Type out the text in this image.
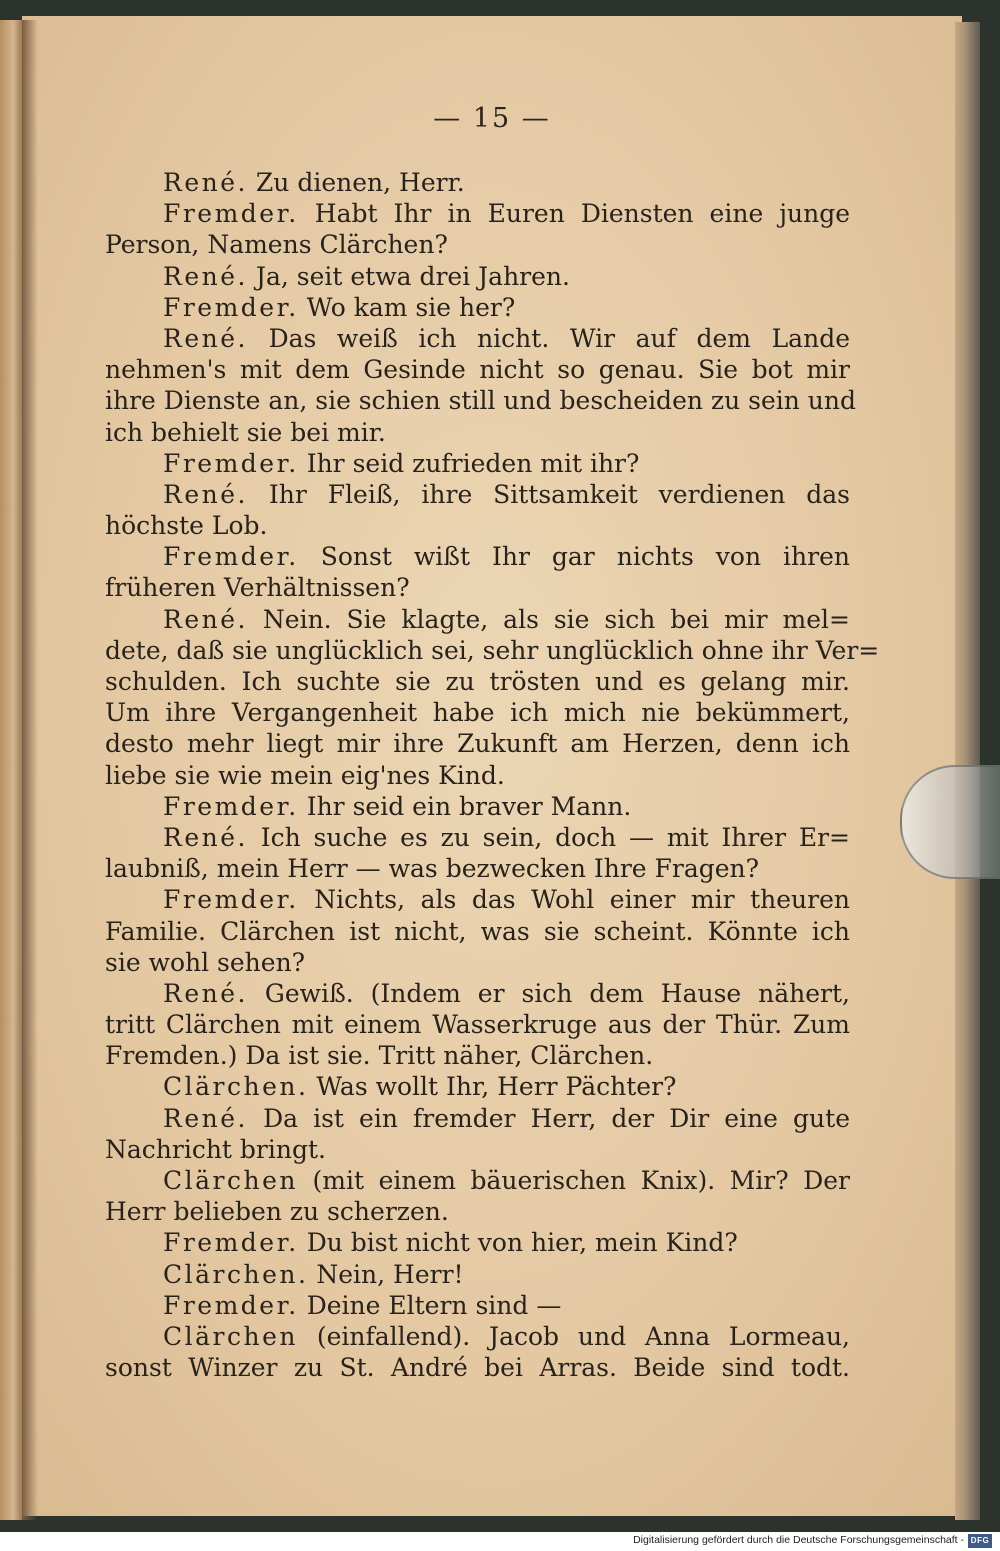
— 15 —
René. Zu dienen, Herr.
Fremder. Habt Ihr in Euren Diensten eine junge
Person, Namens Clärchen?
René. Ja, seit etwa drei Jahren.
Fremder. Wo kam sie her?
René. Das weiß ich nicht. Wir auf dem Lande
nehmen's mit dem Gesinde nicht so genau. Sie bot mir
ihre Dienste an, sie schien still und bescheiden zu sein und
ich behielt sie bei mir.
Fremder. Ihr seid zufrieden mit ihr?
René. Ihr Fleiß, ihre Sittsamkeit verdienen das
höchste Lob.
Fremder. Sonst wißt Ihr gar nichts von ihren
früheren Verhältnissen?
René. Nein. Sie klagte, als sie sich bei mir mel=
dete, daß sie unglücklich sei, sehr unglücklich ohne ihr Ver=
schulden. Ich suchte sie zu trösten und es gelang mir.
Um ihre Vergangenheit habe ich mich nie bekümmert,
desto mehr liegt mir ihre Zukunft am Herzen, denn ich
liebe sie wie mein eig'nes Kind.
Fremder. Ihr seid ein braver Mann.
René. Ich suche es zu sein, doch — mit Ihrer Er=
laubniß, mein Herr — was bezwecken Ihre Fragen?
Fremder. Nichts, als das Wohl einer mir theuren
Familie. Clärchen ist nicht, was sie scheint. Könnte ich
sie wohl sehen?
René. Gewiß. (Indem er sich dem Hause nähert,
tritt Clärchen mit einem Wasserkruge aus der Thür. Zum
Fremden.) Da ist sie. Tritt näher, Clärchen.
Clärchen. Was wollt Ihr, Herr Pächter?
René. Da ist ein fremder Herr, der Dir eine gute
Nachricht bringt.
Clärchen (mit einem bäuerischen Knix). Mir? Der
Herr belieben zu scherzen.
Fremder. Du bist nicht von hier, mein Kind?
Clärchen. Nein, Herr!
Fremder. Deine Eltern sind —
Clärchen (einfallend). Jacob und Anna Lormeau,
sonst Winzer zu St. André bei Arras. Beide sind todt.
Digitalisierung gefördert durch die Deutsche Forschungsgemeinschaft - DFG
